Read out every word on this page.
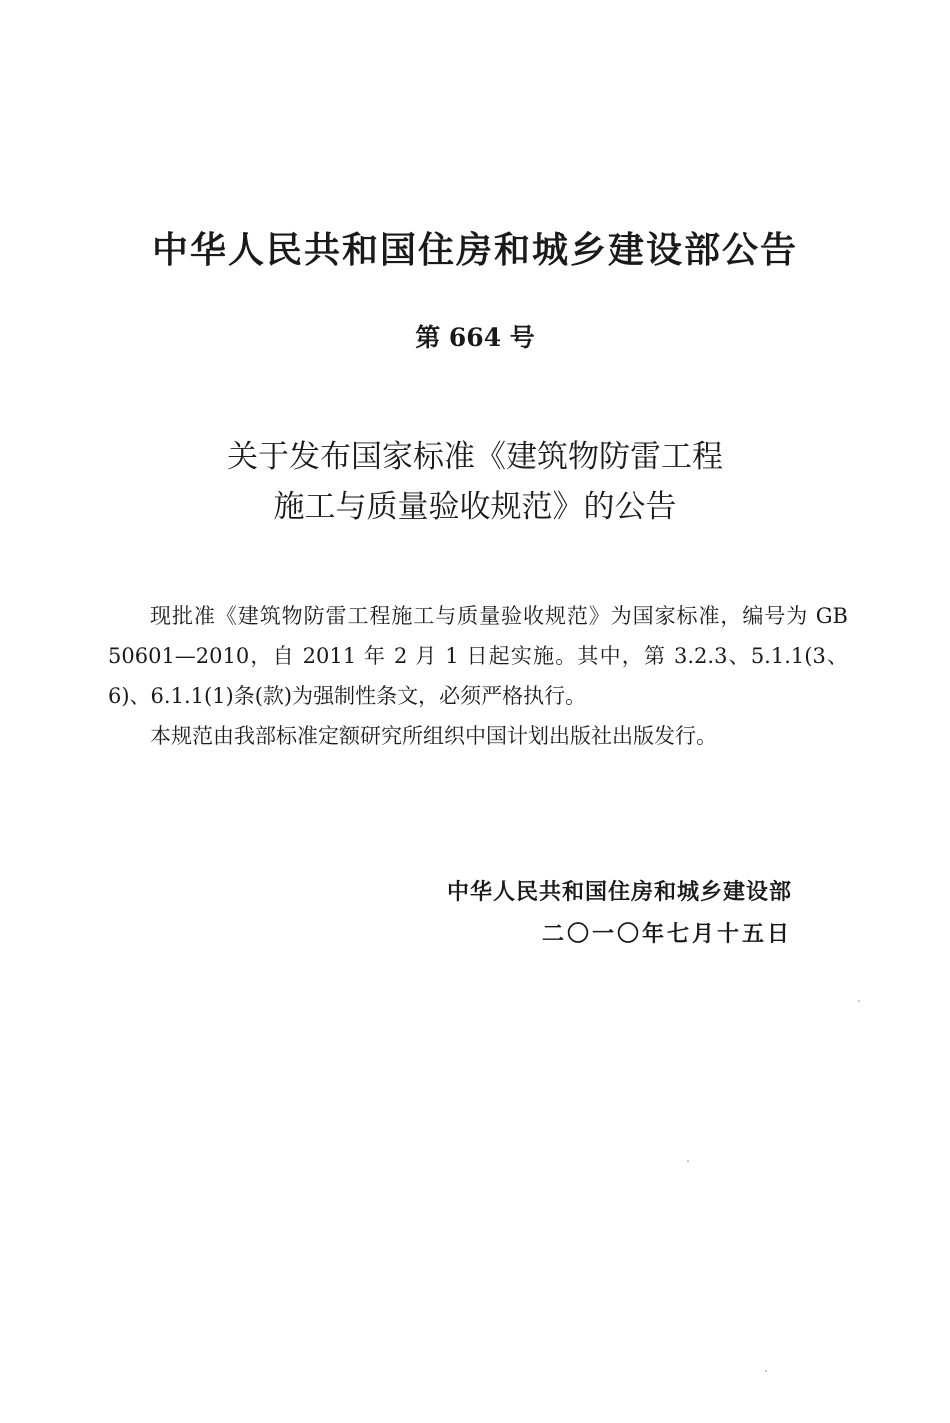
中华人民共和国住房和城乡建设部公告
第 664 号
关于发布国家标准《建筑物防雷工程
施工与质量验收规范》的公告

现批准《建筑物防雷工程施工与质量验收规范》为国家标准，编号为 GB 50601—2010，自 2011 年 2 月 1 日起实施。其中，第 3.2.3、5.1.1(3、6)、6.1.1(1)条(款)为强制性条文，必须严格执行。

本规范由我部标准定额研究所组织中国计划出版社出版发行。

中华人民共和国住房和城乡建设部
二〇一〇年七月十五日
